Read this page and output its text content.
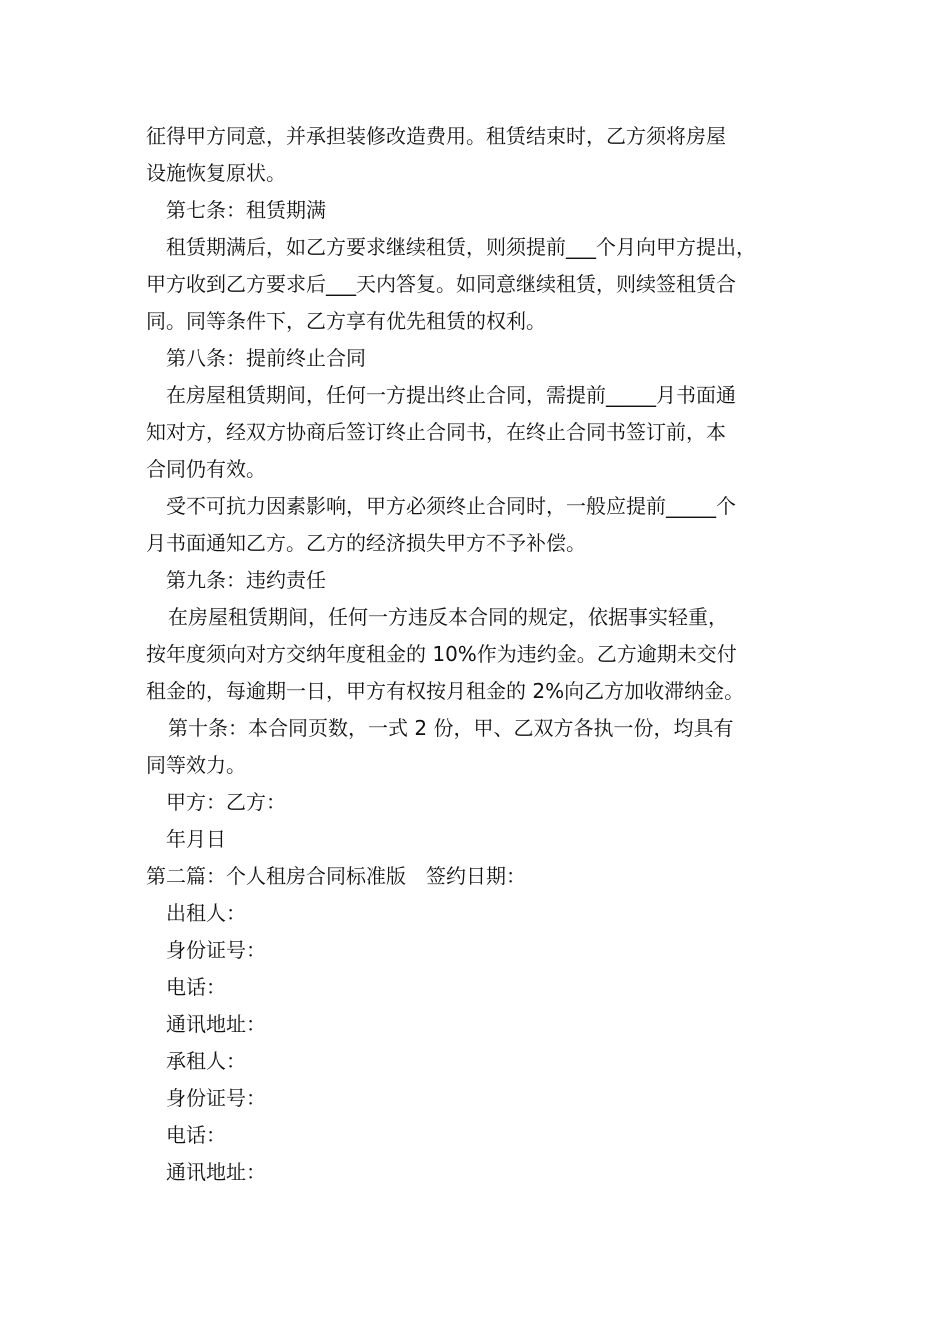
征得甲方同意，并承担装修改造费用。租赁结束时，乙方须将房屋
设施恢复原状。
第七条：租赁期满
租赁期满后，如乙方要求继续租赁，则须提前___个月向甲方提出，
甲方收到乙方要求后___天内答复。如同意继续租赁，则续签租赁合
同。同等条件下，乙方享有优先租赁的权利。
第八条：提前终止合同
在房屋租赁期间，任何一方提出终止合同，需提前_____月书面通
知对方，经双方协商后签订终止合同书，在终止合同书签订前，本
合同仍有效。
受不可抗力因素影响，甲方必须终止合同时，一般应提前_____个
月书面通知乙方。乙方的经济损失甲方不予补偿。
第九条：违约责任
在房屋租赁期间，任何一方违反本合同的规定，依据事实轻重，
按年度须向对方交纳年度租金的 10%作为违约金。乙方逾期未交付
租金的，每逾期一日，甲方有权按月租金的 2%向乙方加收滞纳金。
第十条：本合同页数，一式 2 份，甲、乙双方各执一份，均具有
同等效力。
甲方：乙方：
年月日
第二篇：个人租房合同标准版　签约日期：
出租人：
身份证号：
电话：
通讯地址：
承租人：
身份证号：
电话：
通讯地址：
